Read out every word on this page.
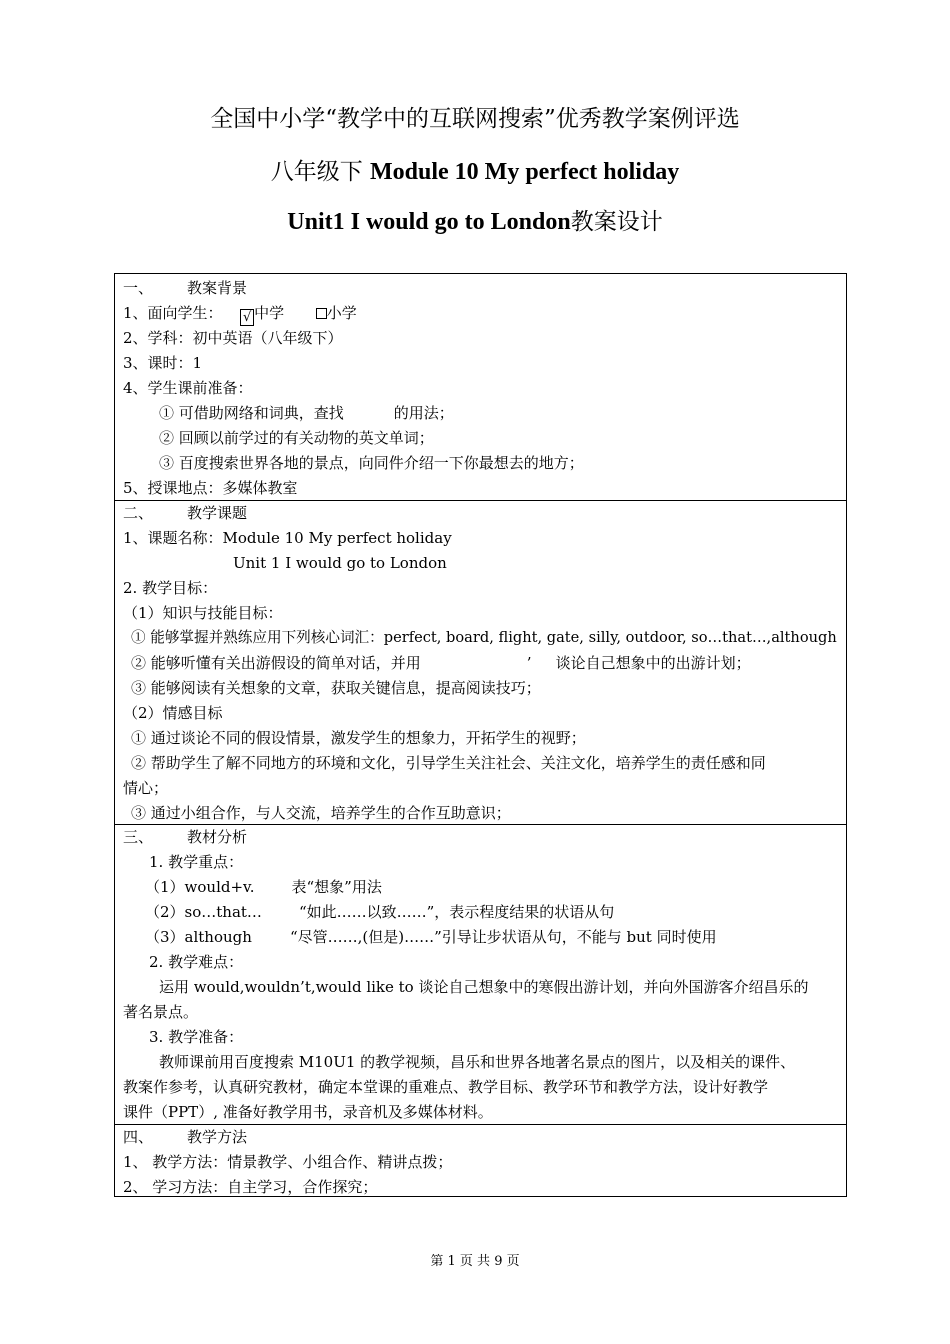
全国中小学“教学中的互联网搜索”优秀教学案例评选
八年级下 Module 10 My perfect holiday
Unit1 I would go to London教案设计
一、 教案背景
1、面向学生： √ 中学	小学
2、学科：初中英语（八年级下）
3、课时：1
4、学生课前准备：
① 可借助网络和词典，查找	的用法；
② 回顾以前学过的有关动物的英文单词；
③ 百度搜索世界各地的景点，向同件介绍一下你最想去的地方；
5、授课地点：多媒体教室
二、 教学课题
1、课题名称：Module 10 My perfect holiday
Unit 1 I would go to London
2. 教学目标：
（1）知识与技能目标：
① 能够掌握并熟练应用下列核心词汇：perfect, board, flight, gate, silly, outdoor, so…that…,although
② 能够听懂有关出游假设的简单对话，并用	’ 谈论自己想象中的出游计划；
③ 能够阅读有关想象的文章，获取关键信息，提高阅读技巧；
（2）情感目标
① 通过谈论不同的假设情景，激发学生的想象力，开拓学生的视野；
② 帮助学生了解不同地方的环境和文化，引导学生关注社会、关注文化，培养学生的责任感和同
情心；
③ 通过小组合作，与人交流，培养学生的合作互助意识；
三、 教材分析
1. 教学重点：
（1）would+v. 表“想象”用法
（2）so…that… “如此……以致……”，表示程度结果的状语从句
（3）although	“尽管……,(但是)……”引导让步状语从句，不能与 but 同时使用
2. 教学难点：
运用 would,wouldn’t,would like to 谈论自己想象中的寒假出游计划，并向外国游客介绍昌乐的
著名景点。
3. 教学准备：
教师课前用百度搜索 M10U1 的教学视频，昌乐和世界各地著名景点的图片，以及相关的课件、
教案作参考，认真研究教材，确定本堂课的重难点、教学目标、教学环节和教学方法，设计好教学
课件（PPT）, 准备好教学用书，录音机及多媒体材料。
四、 教学方法
1、 教学方法：情景教学、小组合作、精讲点拨；
2、 学习方法：自主学习，合作探究；
第 1 页 共 9 页
